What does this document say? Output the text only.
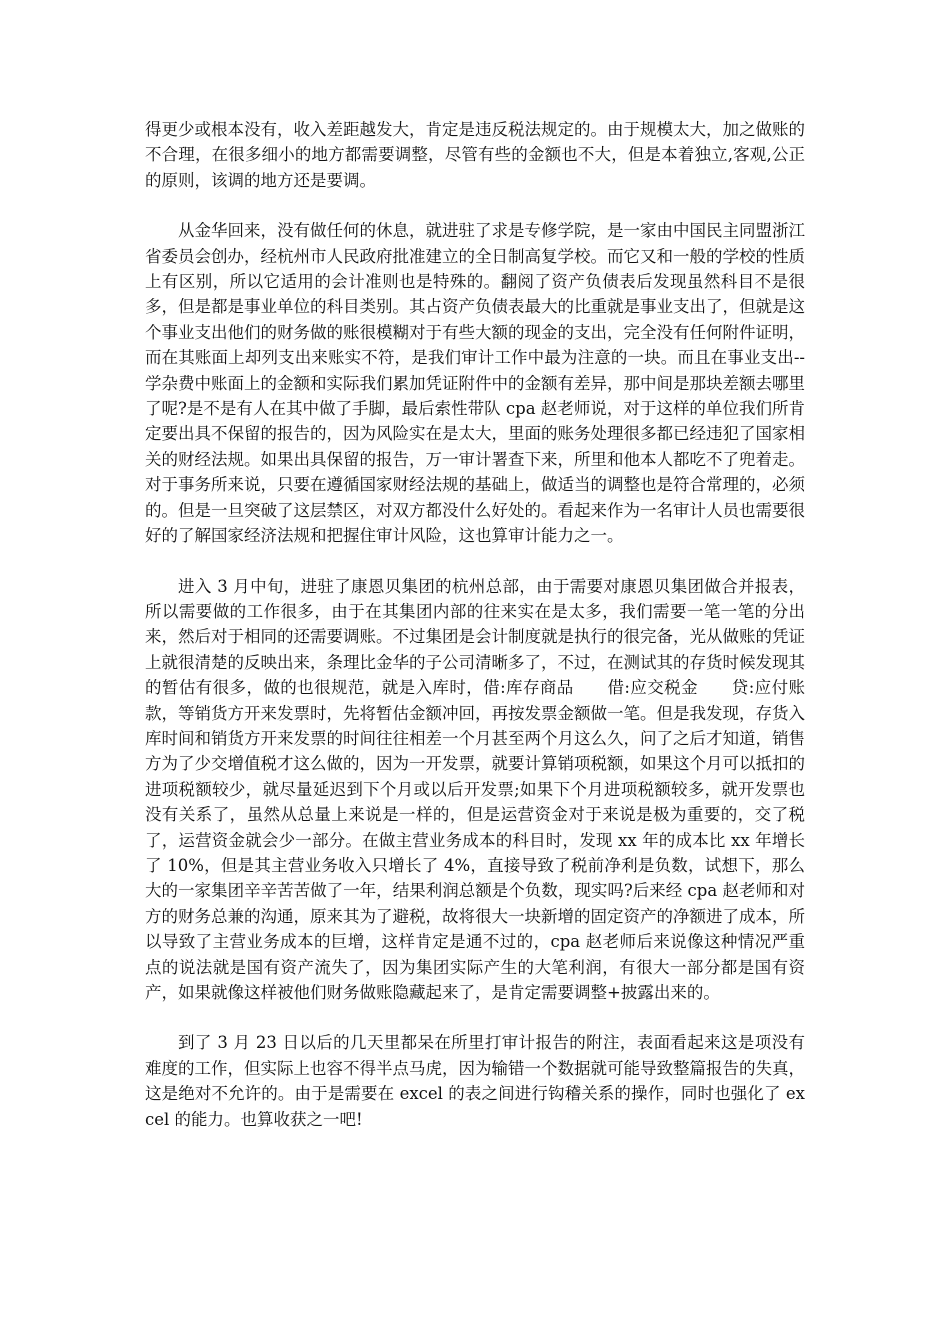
得更少或根本没有，收入差距越发大，肯定是违反税法规定的。由于规模太大，加之做账的不合理，在很多细小的地方都需要调整，尽管有些的金额也不大，但是本着独立,客观,公正的原则，该调的地方还是要调。

从金华回来，没有做任何的休息，就进驻了求是专修学院，是一家由中国民主同盟浙江省委员会创办，经杭州市人民政府批准建立的全日制高复学校。而它又和一般的学校的性质上有区别，所以它适用的会计准则也是特殊的。翻阅了资产负债表后发现虽然科目不是很多，但是都是事业单位的科目类别。其占资产负债表最大的比重就是事业支出了，但就是这个事业支出他们的财务做的账很模糊对于有些大额的现金的支出，完全没有任何附件证明，而在其账面上却列支出来账实不符，是我们审计工作中最为注意的一块。而且在事业支出--学杂费中账面上的金额和实际我们累加凭证附件中的金额有差异，那中间是那块差额去哪里了呢?是不是有人在其中做了手脚，最后索性带队 cpa 赵老师说，对于这样的单位我们所肯定要出具不保留的报告的，因为风险实在是太大，里面的账务处理很多都已经违犯了国家相关的财经法规。如果出具保留的报告，万一审计署查下来，所里和他本人都吃不了兜着走。对于事务所来说，只要在遵循国家财经法规的基础上，做适当的调整也是符合常理的，必须的。但是一旦突破了这层禁区，对双方都没什么好处的。看起来作为一名审计人员也需要很好的了解国家经济法规和把握住审计风险，这也算审计能力之一。

进入 3 月中旬，进驻了康恩贝集团的杭州总部，由于需要对康恩贝集团做合并报表，所以需要做的工作很多，由于在其集团内部的往来实在是太多，我们需要一笔一笔的分出来，然后对于相同的还需要调账。不过集团是会计制度就是执行的很完备，光从做账的凭证上就很清楚的反映出来，条理比金华的子公司清晰多了，不过，在测试其的存货时候发现其的暂估有很多，做的也很规范，就是入库时，借:库存商品　　借:应交税金　　贷:应付账款，等销货方开来发票时，先将暂估金额冲回，再按发票金额做一笔。但是我发现，存货入库时间和销货方开来发票的时间往往相差一个月甚至两个月这么久，问了之后才知道，销售方为了少交增值税才这么做的，因为一开发票，就要计算销项税额，如果这个月可以抵扣的进项税额较少，就尽量延迟到下个月或以后开发票;如果下个月进项税额较多，就开发票也没有关系了，虽然从总量上来说是一样的，但是运营资金对于来说是极为重要的，交了税了，运营资金就会少一部分。在做主营业务成本的科目时，发现 xx 年的成本比 xx 年增长了 10%，但是其主营业务收入只增长了 4%，直接导致了税前净利是负数，试想下，那么大的一家集团辛辛苦苦做了一年，结果利润总额是个负数，现实吗?后来经 cpa 赵老师和对方的财务总兼的沟通，原来其为了避税，故将很大一块新增的固定资产的净额进了成本，所以导致了主营业务成本的巨增，这样肯定是通不过的，cpa 赵老师后来说像这种情况严重点的说法就是国有资产流失了，因为集团实际产生的大笔利润，有很大一部分都是国有资产，如果就像这样被他们财务做账隐藏起来了，是肯定需要调整+披露出来的。

到了 3 月 23 日以后的几天里都呆在所里打审计报告的附注，表面看起来这是项没有难度的工作，但实际上也容不得半点马虎，因为输错一个数据就可能导致整篇报告的失真，这是绝对不允许的。由于是需要在 excel 的表之间进行钩稽关系的操作，同时也强化了 excel 的能力。也算收获之一吧!
